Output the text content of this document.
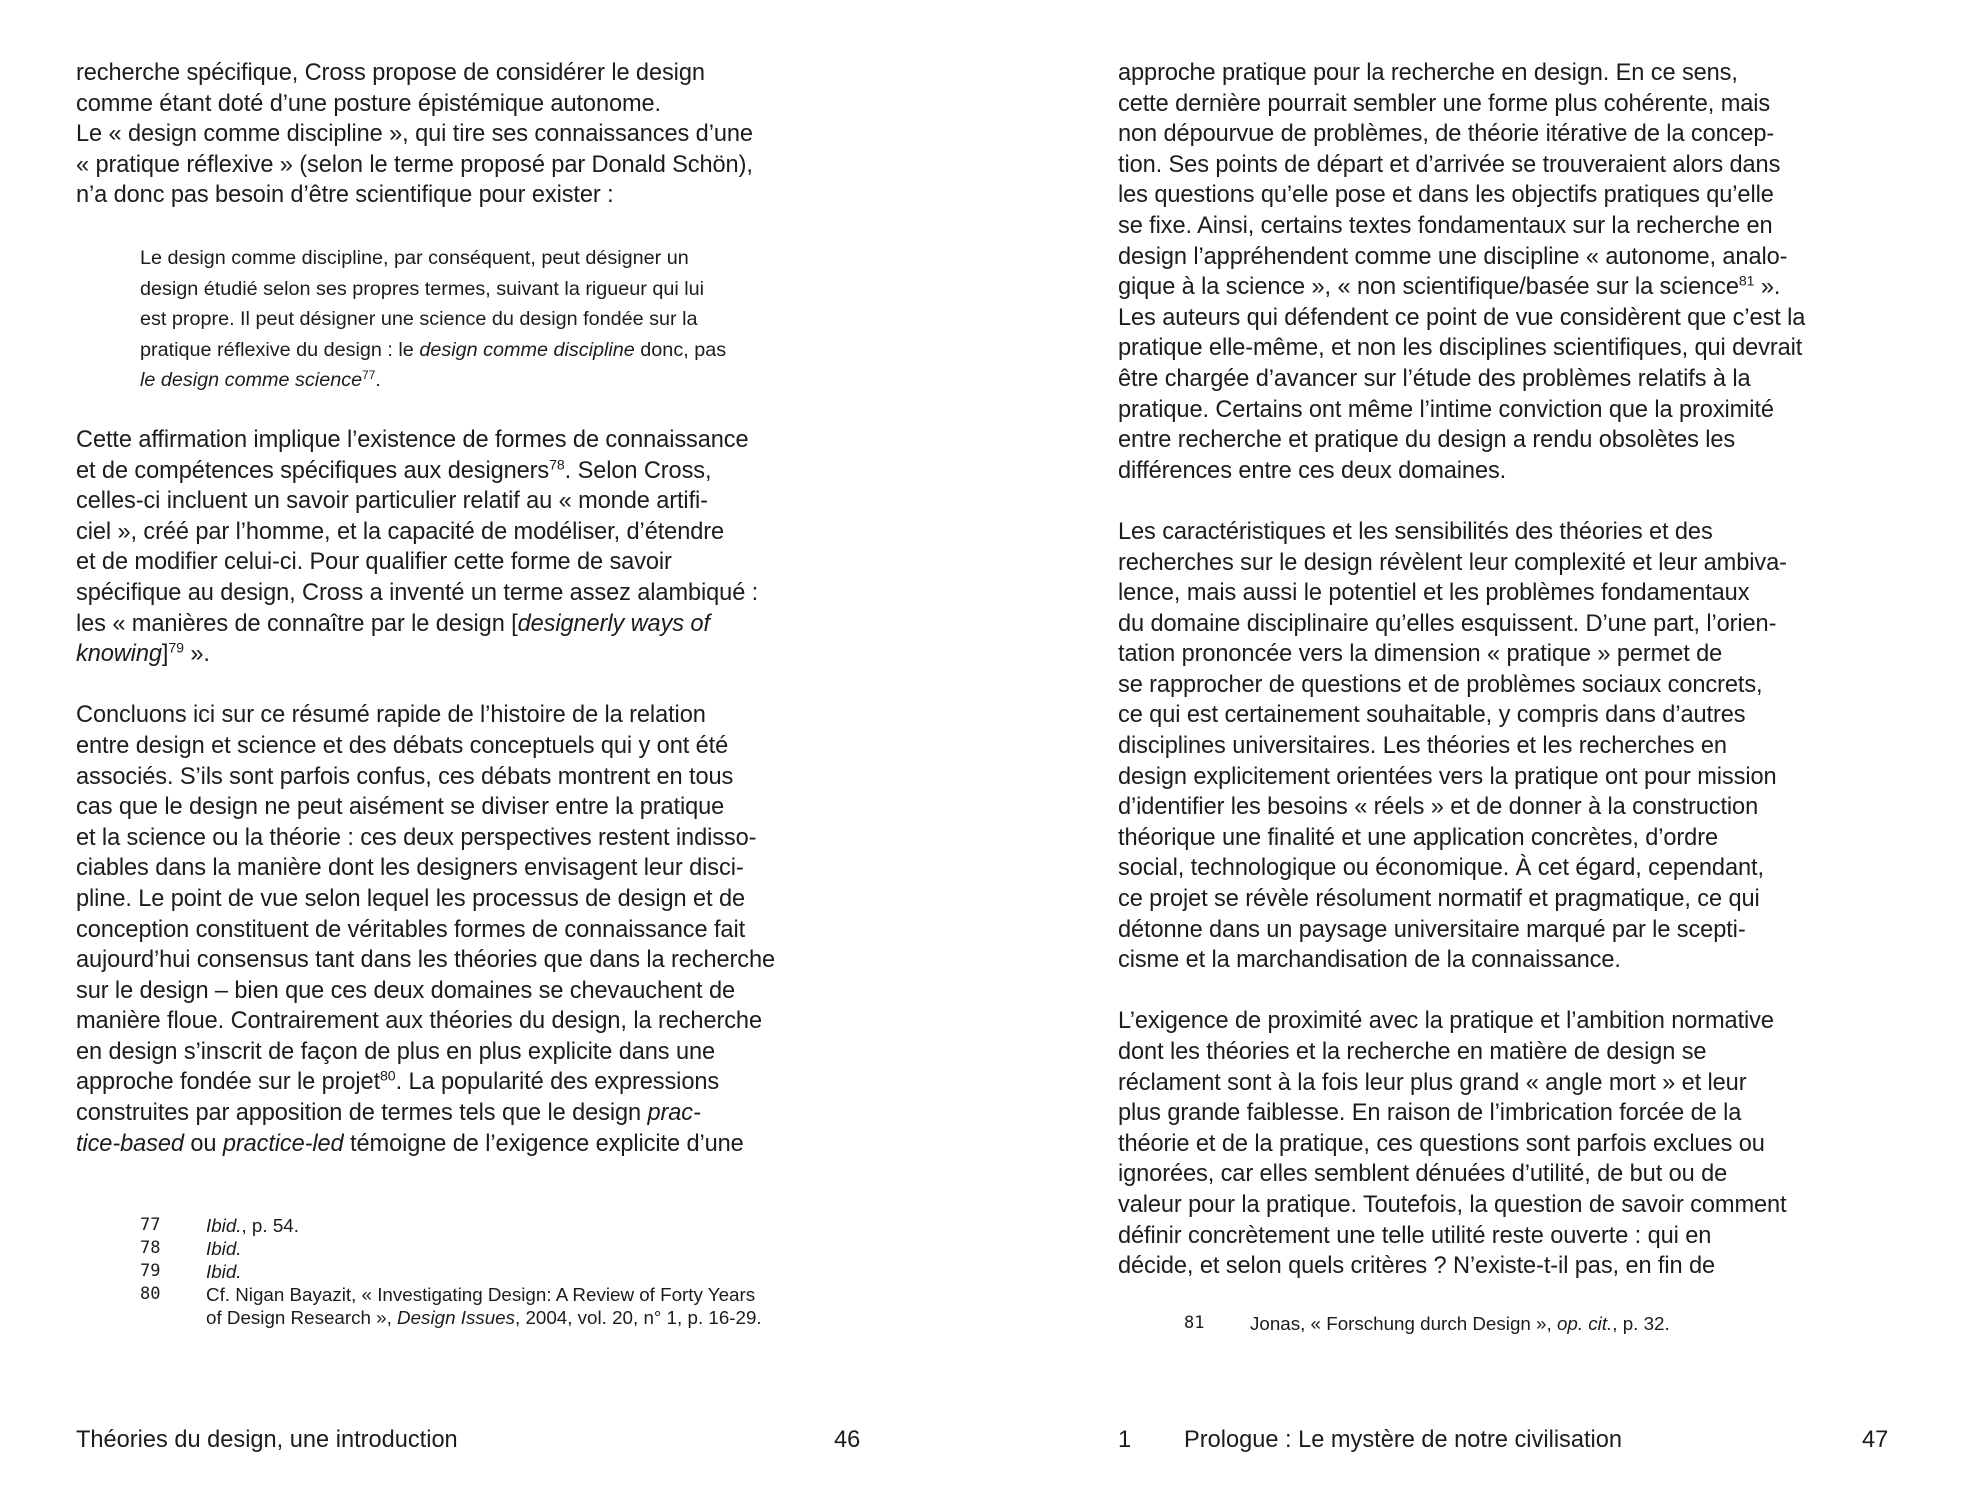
recherche spécifique, Cross propose de considérer le design

comme étant doté d’une posture épistémique autonome.

Le « design comme discipline », qui tire ses connaissances d’une

« pratique réflexive » (selon le terme proposé par Donald Schön),

n’a donc pas besoin d’être scientifique pour exister :

Le design comme discipline, par conséquent, peut désigner un

design étudié selon ses propres termes, suivant la rigueur qui lui

est propre. Il peut désigner une science du design fondée sur la

pratique réflexive du design : le design comme discipline donc, pas

le design comme science$^{77}$.

Cette affirmation implique l’existence de formes de connaissance

et de compétences spécifiques aux designers$^{78}$. Selon Cross,

celles-ci incluent un savoir particulier relatif au « monde artifi-

ciel », créé par l’homme, et la capacité de modéliser, d’étendre

et de modifier celui-ci. Pour qualifier cette forme de savoir

spécifique au design, Cross a inventé un terme assez alambiqué :

les « manières de connaître par le design [designerly ways of

knowing]$^{79}$ ».

Concluons ici sur ce résumé rapide de l’histoire de la relation

entre design et science et des débats conceptuels qui y ont été

associés. S’ils sont parfois confus, ces débats montrent en tous

cas que le design ne peut aisément se diviser entre la pratique

et la science ou la théorie : ces deux perspectives restent indisso-

ciables dans la manière dont les designers envisagent leur disci-

pline. Le point de vue selon lequel les processus de design et de

conception constituent de véritables formes de connaissance fait

aujourd’hui consensus tant dans les théories que dans la recherche

sur le design – bien que ces deux domaines se chevauchent de

manière floue. Contrairement aux théories du design, la recherche

en design s’inscrit de façon de plus en plus explicite dans une

approche fondée sur le projet$^{80}$. La popularité des expressions

construites par apposition de termes tels que le design prac-

tice-based ou practice-led témoigne de l’exigence explicite d’une

77	Ibid., p. 54.
78	Ibid.
79	Ibid.
80	Cf. Nigan Bayazit, « Investigating Design: A Review of Forty Years
of Design Research », Design Issues, 2004, vol. 20, n° 1, p. 16-29.
Théories du design, une introduction	46

approche pratique pour la recherche en design. En ce sens,

cette dernière pourrait sembler une forme plus cohérente, mais

non dépourvue de problèmes, de théorie itérative de la concep-

tion. Ses points de départ et d’arrivée se trouveraient alors dans

les questions qu’elle pose et dans les objectifs pratiques qu’elle

se fixe. Ainsi, certains textes fondamentaux sur la recherche en

design l’appréhendent comme une discipline « autonome, analo-

gique à la science », « non scientifique/basée sur la science$^{81}$ ».

Les auteurs qui défendent ce point de vue considèrent que c’est la

pratique elle-même, et non les disciplines scientifiques, qui devrait

être chargée d’avancer sur l’étude des problèmes relatifs à la

pratique. Certains ont même l’intime conviction que la proximité

entre recherche et pratique du design a rendu obsolètes les

différences entre ces deux domaines.

Les caractéristiques et les sensibilités des théories et des

recherches sur le design révèlent leur complexité et leur ambiva-

lence, mais aussi le potentiel et les problèmes fondamentaux

du domaine disciplinaire qu’elles esquissent. D’une part, l’orien-

tation prononcée vers la dimension « pratique » permet de

se rapprocher de questions et de problèmes sociaux concrets,

ce qui est certainement souhaitable, y compris dans d’autres

disciplines universitaires. Les théories et les recherches en

design explicitement orientées vers la pratique ont pour mission

d’identifier les besoins « réels » et de donner à la construction

théorique une finalité et une application concrètes, d’ordre

social, technologique ou économique. À cet égard, cependant,

ce projet se révèle résolument normatif et pragmatique, ce qui

détonne dans un paysage universitaire marqué par le scepti-

cisme et la marchandisation de la connaissance.

L’exigence de proximité avec la pratique et l’ambition normative

dont les théories et la recherche en matière de design se

réclament sont à la fois leur plus grand « angle mort » et leur

plus grande faiblesse. En raison de l’imbrication forcée de la

théorie et de la pratique, ces questions sont parfois exclues ou

ignorées, car elles semblent dénuées d’utilité, de but ou de

valeur pour la pratique. Toutefois, la question de savoir comment

définir concrètement une telle utilité reste ouverte : qui en

décide, et selon quels critères ? N’existe-t-il pas, en fin de

81	Jonas, « Forschung durch Design », op. cit., p. 32.
1 Prologue : Le mystère de notre civilisation	47
